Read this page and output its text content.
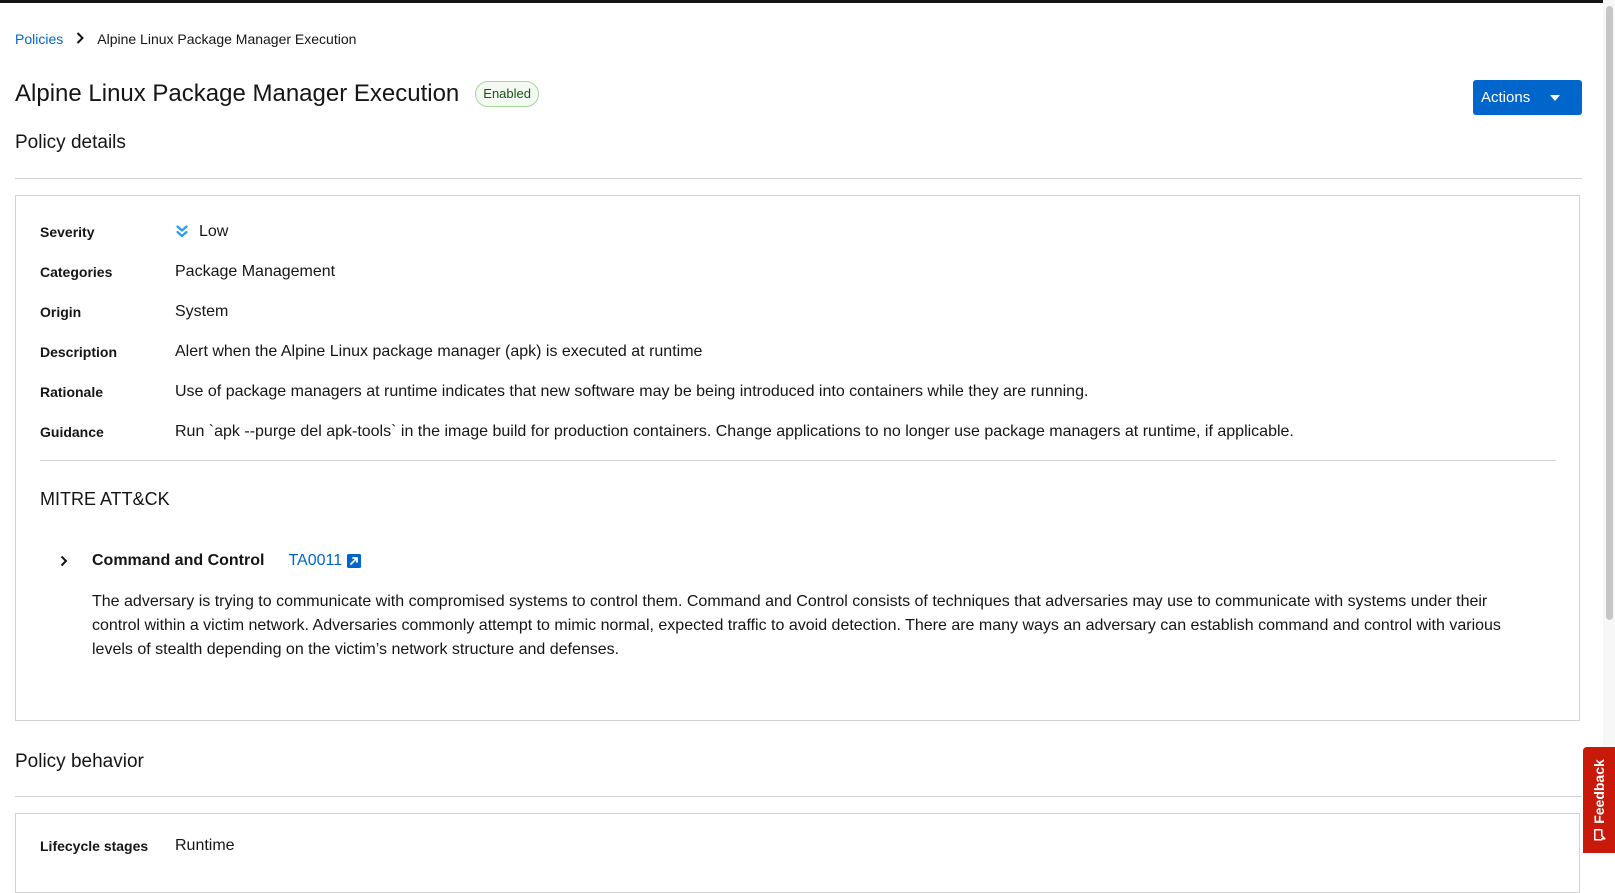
Policies Alpine Linux Package Manager Execution
Alpine Linux Package Manager Execution	Enabled	Actions
Policy details
Severity	Low
Categories	Package Management
Origin	System
Description	Alert when the Alpine Linux package manager (apk) is executed at runtime
Rationale	Use of package managers at runtime indicates that new software may be being introduced into containers while they are running.
Guidance	Run `apk --purge del apk-tools` in the image build for production containers. Change applications to no longer use package managers at runtime, if applicable.
MITRE ATT&CK
Command and Control TA0011
The adversary is trying to communicate with compromised systems to control them. Command and Control consists of techniques that adversaries may use to communicate with systems under their control within a victim network. Adversaries commonly attempt to mimic normal, expected traffic to avoid detection. There are many ways an adversary can establish command and control with various levels of stealth depending on the victim’s network structure and defenses.
Policy behavior
Lifecycle stages	Runtime
Feedback
